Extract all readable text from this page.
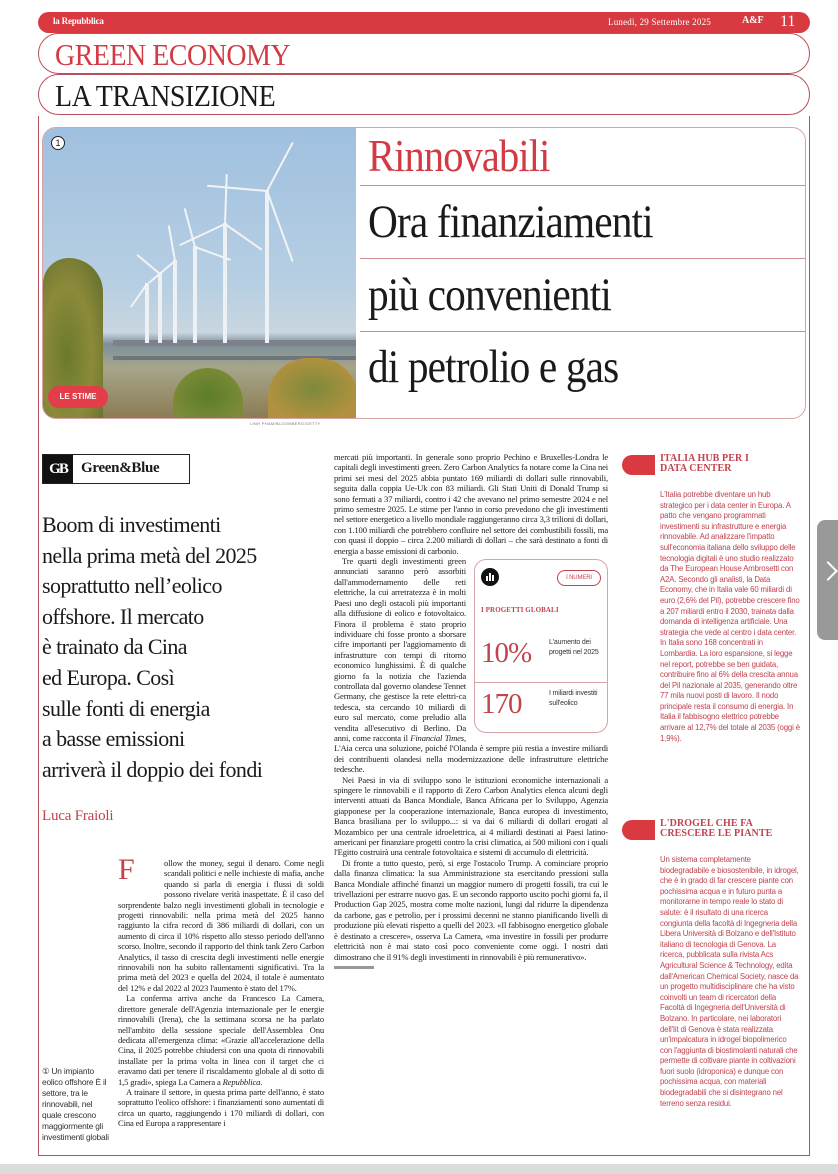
la Repubblica	Lunedì, 29 Settembre 2025	A&F 11
GREEN ECONOMY
LA TRANSIZIONE
1
LE STIME
Rinnovabili
Ora finanziamenti
più convenienti
di petrolio e gas
LINH PHAM/BLOOMBERG/GETTY
GB Green&Blue
Boom di investimenti
nella prima metà del 2025
soprattutto nell’eolico
offshore. Il mercato
è trainato da Cina
ed Europa. Così
sulle fonti di energia
a basse emissioni
arriverà il doppio dei fondi
Luca Fraioli
F	ollow the money, segui il denaro. Come negli scandali politici e nelle inchieste di mafia, anche quando si parla di energia i flussi di soldi possono rivelare verità inaspettate. È il caso del sorprendente balzo negli investimenti globali in tecnologie e progetti rinnovabili: nella prima metà del 2025 hanno raggiunto la cifra record di 386 miliardi di dollari, con un aumento di circa il 10% rispetto allo stesso periodo dell'anno scorso. Inoltre, secondo il rapporto del think tank Zero Carbon Analytics, il tasso di crescita degli investimenti nelle energie rinnovabili non ha subito rallentamenti significativi. Tra la prima metà del 2023 e quella del 2024, il totale è aumentato del 12% e dal 2022 al 2023 l'aumento è stato del 17%.

La conferma arriva anche da Francesco La Camera, direttore generale dell'Agenzia internazionale per le energie rinnovabili (Irena), che la settimana scorsa ne ha parlato nell'ambito della sessione speciale dell'Assemblea Onu dedicata all'emergenza clima: «Grazie all'accelerazione della Cina, il 2025 potrebbe chiudersi con una quota di rinnovabili installate per la prima volta in linea con il target che ci eravamo dati per tenere il riscaldamento globale al di sotto di 1,5 gradi», spiega La Camera a Repubblica.

A trainare il settore, in questa prima parte dell'anno, è stato soprattutto l'eolico offshore: i finanziamenti sono aumentati di circa un quarto, raggiungendo i 170 miliardi di dollari, con Cina ed Europa a rappresentare i

① Un impianto eolico offshore È il settore, tra le rinnovabili, nel quale crescono maggiormente gli investimenti globali

mercati più importanti. In generale sono proprio Pechino e Bruxelles-Londra le capitali degli investimenti green. Zero Carbon Analytics fa notare come la Cina nei primi sei mesi del 2025 abbia puntato 169 miliardi di dollari sulle rinnovabili, seguita dalla coppia Ue-Uk con 83 miliardi. Gli Stati Uniti di Donald Trump si sono fermati a 37 miliardi, contro i 42 che avevano nel primo semestre 2024 e nel primo semestre 2025. Le stime per l'anno in corso prevedono che gli investimenti nel settore energetico a livello mondiale raggiungeranno circa 3,3 trilioni di dollari, con 1.100 miliardi che potrebbero confluire nel settore dei combustibili fossili, ma con quasi il doppio – circa 2.200 miliardi di dollari – che sarà destinato a fonti di energia a basse emissioni di carbonio.

I NUMERI
I PROGETTI GLOBALI
10%	L'aumento dei progetti nel 2025
170	I miliardi investiti sull'eolico

Tre quarti degli investimenti green annunciati saranno però assorbiti dall'ammodernamento delle reti elettriche, la cui arretratezza è in molti Paesi uno degli ostacoli più importanti alla diffusione di eolico e fotovoltaico. Finora il problema è stato proprio individuare chi fosse pronto a sborsare cifre importanti per l'aggiornamento di infrastrutture con tempi di ritorno economico lunghissimi. È di qualche giorno fa la notizia che l'azienda controllata dal governo olandese Tennet Germany, che gestisce la rete elettri-ca tedesca, sta cercando 10 miliardi di euro sul mercato, come preludio alla vendita all'esecutivo di Berlino. Da anni, come racconta il Financial Times, L'Aia cerca una soluzione, poiché l'Olanda è sempre più restia a investire miliardi dei contribuenti olandesi nella modernizzazione delle infrastrutture elettriche tedesche.

Nei Paesi in via di sviluppo sono le istituzioni economiche internazionali a spingere le rinnovabili e il rapporto di Zero Carbon Analytics elenca alcuni degli interventi attuati da Banca Mondiale, Banca Africana per lo Sviluppo, Agenzia giapponese per la cooperazione internazionale, Banca europea di investimento, Banca brasiliana per lo sviluppo...: si va dai 6 miliardi di dollari erogati al Mozambico per una centrale idroelettrica, ai 4 miliardi destinati ai Paesi latino-americani per finanziare progetti contro la crisi climatica, ai 500 milioni con i quali l'Egitto costruirà una centrale fotovoltaica e sistemi di accumulo di elettricità.

Di fronte a tutto questo, però, si erge l'ostacolo Trump. A cominciare proprio dalla finanza climatica: la sua Amministrazione sta esercitando pressioni sulla Banca Mondiale affinché finanzi un maggior numero di progetti fossili, tra cui le trivellazioni per estrarre nuovo gas. E un secondo rapporto uscito pochi giorni fa, il Production Gap 2025, mostra come molte nazioni, lungi dal ridurre la dipendenza da carbone, gas e petrolio, per i prossimi decenni ne stanno pianificando livelli di produzione più elevati rispetto a quelli del 2023. «Il fabbisogno energetico globale è destinato a crescere», osserva La Camera, «ma investire in fossili per produrre elettricità non è mai stato così poco conveniente come oggi. I nostri dati dimostrano che il 91% degli investimenti in rinnovabili è più remunerativo».

ITALIA HUB PER I DATA CENTER
L'Italia potrebbe diventare un hub strategico per i data center in Europa. A patto che vengano programmati investimenti su infrastrutture e energia rinnovabile. Ad analizzare l'impatto sull'economia italiana dello sviluppo delle tecnologia digitali è uno studio realizzato da The European House Ambrosetti con A2A. Secondo gli analisti, la Data Economy, che in Italia vale 60 miliardi di euro (2,6% del Pil), potrebbe crescere fino a 207 miliardi entro il 2030, trainata dalla domanda di intelligenza artificiale. Una strategia che vede al centro i data center. In Italia sono 168 concentrati in Lombardia. La loro espansione, si legge nel report, potrebbe se ben guidata, contribuire fino al 6% della crescita annua del Pil nazionale al 2035, generando oltre 77 mila nuovi posti di lavoro. Il nodo principale resta il consumo di energia. In Italia il fabbisogno elettrico potrebbe arrivare al 12,7% del totale al 2035 (oggi è 1,9%).
L'DROGEL CHE FA CRESCERE LE PIANTE
Un sistema completamente biodegradabile e biosostenibile, in idrogel, che è in grado di far crescere piante con pochissima acqua e in futuro punta a monitorarne in tempo reale lo stato di salute: è il risultato di una ricerca congiunta della facoltà di Ingegneria della Libera Università di Bolzano e dell'Istituto italiano di tecnologia di Genova. La ricerca, pubblicata sulla rivista Acs Agricultural Science & Technology, edita dall'American Chemical Society, nasce da un progetto multidisciplinare che ha visto coinvolti un team di ricercatori della Facoltà di Ingegneria dell'Università di Bolzano. In particolare, nei laboratori dell'Iit di Genova è stata realizzata un'impalcatura in idrogel biopolimerico con l'aggiunta di biostimolanti naturali che permette di coltivare piante in coltivazioni fuori suolo (idroponica) e dunque con pochissima acqua, con materiali biodegradabili che si disintegrano nel terreno senza residui.
